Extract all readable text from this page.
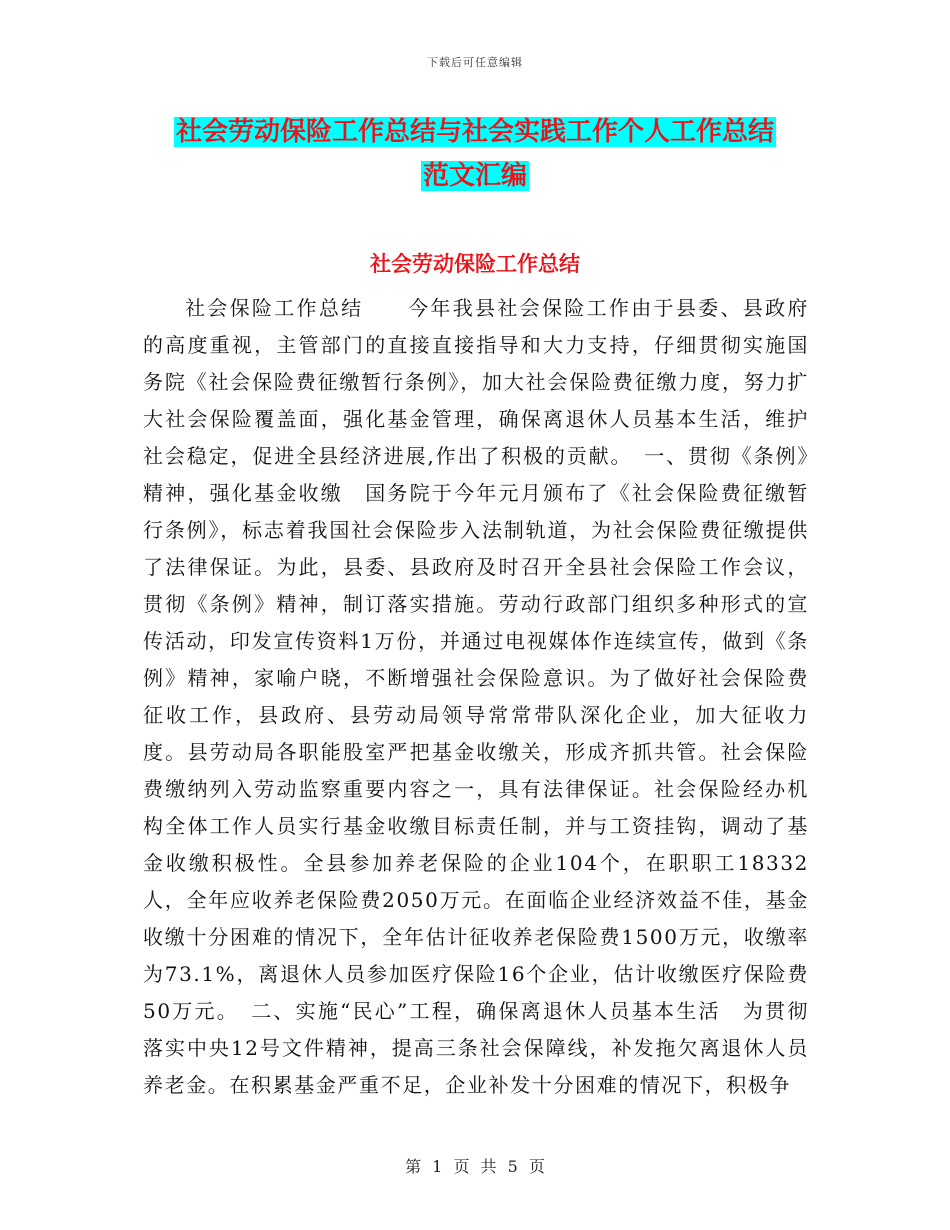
下载后可任意编辑
社会劳动保险工作总结与社会实践工作个人工作总结
范文汇编
社会劳动保险工作总结

社会保险工作总结　　今年我县社会保险工作由于县委、县政府的高度重视，主管部门的直接直接指导和大力支持，仔细贯彻实施国务院《社会保险费征缴暂行条例》，加大社会保险费征缴力度，努力扩大社会保险覆盖面，强化基金管理，确保离退休人员基本生活，维护社会稳定，促进全县经济进展,作出了积极的贡献。　一、贯彻《条例》精神，强化基金收缴　国务院于今年元月颁布了《社会保险费征缴暂行条例》，标志着我国社会保险步入法制轨道，为社会保险费征缴提供了法律保证。为此，县委、县政府及时召开全县社会保险工作会议，贯彻《条例》精神，制订落实措施。劳动行政部门组织多种形式的宣传活动，印发宣传资料1万份，并通过电视媒体作连续宣传，做到《条例》精神，家喻户晓，不断增强社会保险意识。为了做好社会保险费征收工作，县政府、县劳动局领导常常带队深化企业，加大征收力度。县劳动局各职能股室严把基金收缴关，形成齐抓共管。社会保险费缴纳列入劳动监察重要内容之一，具有法律保证。社会保险经办机构全体工作人员实行基金收缴目标责任制，并与工资挂钩，调动了基金收缴积极性。全县参加养老保险的企业104个，在职职工18332人，全年应收养老保险费2050万元。在面临企业经济效益不佳，基金收缴十分困难的情况下，全年估计征收养老保险费1500万元，收缴率为73.1%，离退休人员参加医疗保险16个企业，估计收缴医疗保险费50万元。　二、实施“民心”工程，确保离退休人员基本生活　为贯彻落实中央12号文件精神，提高三条社会保障线，补发拖欠离退休人员养老金。在积累基金严重不足，企业补发十分困难的情况下，积极争

第 1 页 共 5 页
